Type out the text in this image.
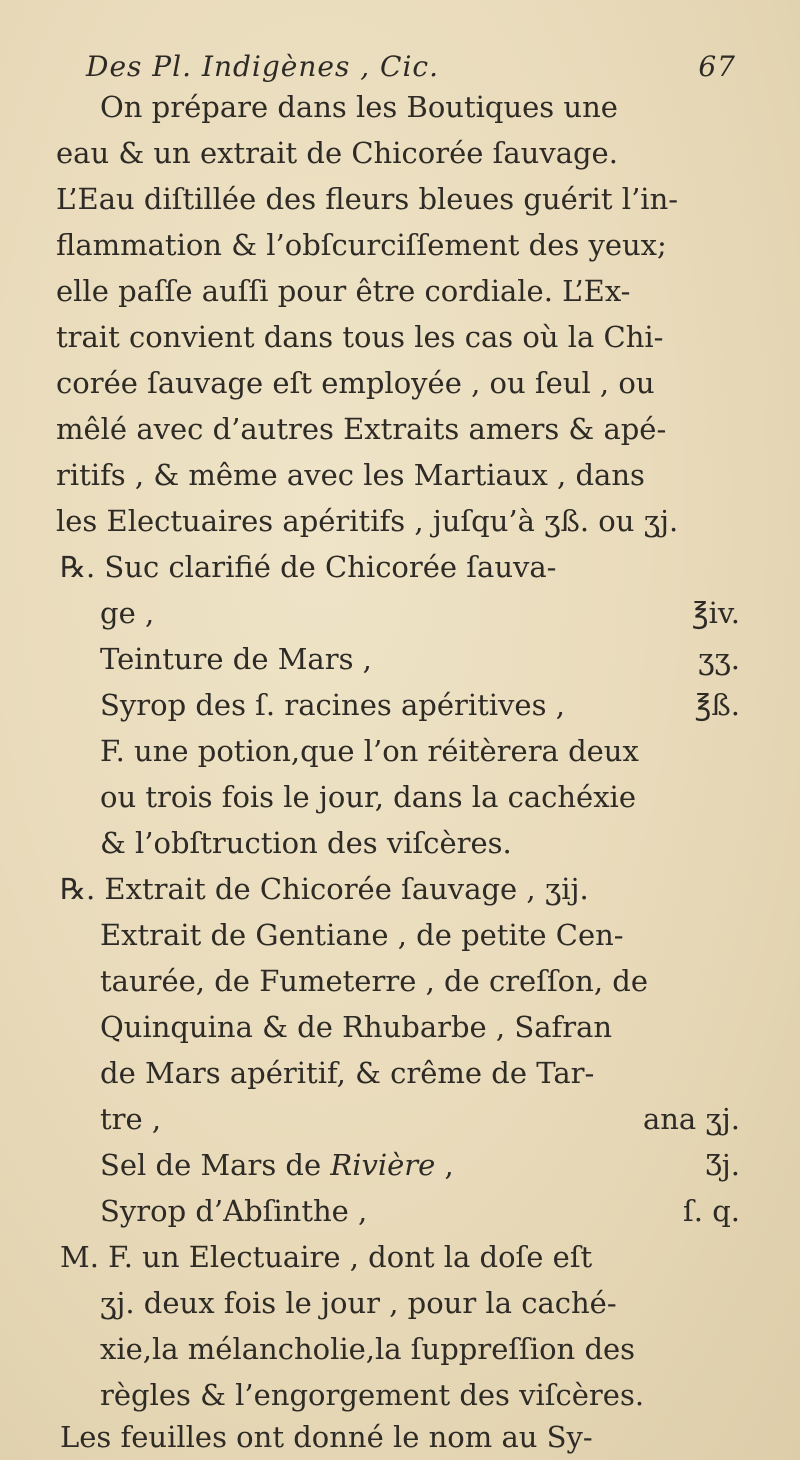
Des Pl. Indigènes , Cic.	67
On prépare dans les Boutiques une
eau & un extrait de Chicorée ſauvage.
L’Eau diſtillée des fleurs bleues guérit l’in-
flammation & l’obſcurciſſement des yeux;
elle paſſe auſſi pour être cordiale. L’Ex-
trait convient dans tous les cas où la Chi-
corée ſauvage eſt employée , ou ſeul , ou
mêlé avec d’autres Extraits amers & apé-
ritifs , & même avec les Martiaux , dans
les Electuaires apéritifs , juſqu’à ʒß. ou ʒj.
℞. Suc clarifié de Chicorée ſauva-
ge ,	℥iv.
Teinture de Mars ,	ʒʒ.
Syrop des ſ. racines apéritives ,	℥ß.
F. une potion,que l’on réitèrera deux
ou trois fois le jour, dans la cachéxie
& l’obſtruction des viſcères.
℞. Extrait de Chicorée ſauvage , ʒij.
Extrait de Gentiane , de petite Cen-
taurée, de Fumeterre , de creſſon, de
Quinquina & de Rhubarbe , Safran
de Mars apéritif, & crême de Tar-
tre ,	ana ʒj.
Sel de Mars de Rivière ,	Ʒj.
Syrop d’Abſinthe ,	ſ. q.
M. F. un Electuaire , dont la doſe eſt
ʒj. deux fois le jour , pour la caché-
xie,la mélancholie,la ſuppreſſion des
règles & l’engorgement des viſcères.
Les feuilles ont donné le nom au Sy-
